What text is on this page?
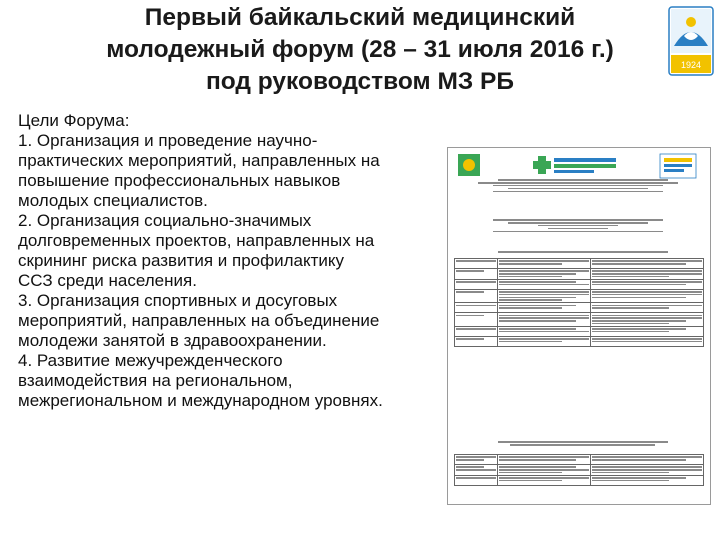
Первый байкальский медицинский
молодежный форум (28 – 31 июля 2016 г.)
под руководством МЗ РБ
1924
Цели Форума:
1. Организация и проведение научно-
практических мероприятий, направленных на
повышение профессиональных навыков
молодых специалистов.
2. Организация социально-значимых
долговременных проектов, направленных на
скрининг риска развития и профилактику
ССЗ среди населения.
3. Организация спортивных и досуговых
мероприятий, направленных на объединение
молодежи занятой в здравоохранении.
4. Развитие межучрежденческого
взаимодействия на региональном,
межрегиональном и международном уровнях.
